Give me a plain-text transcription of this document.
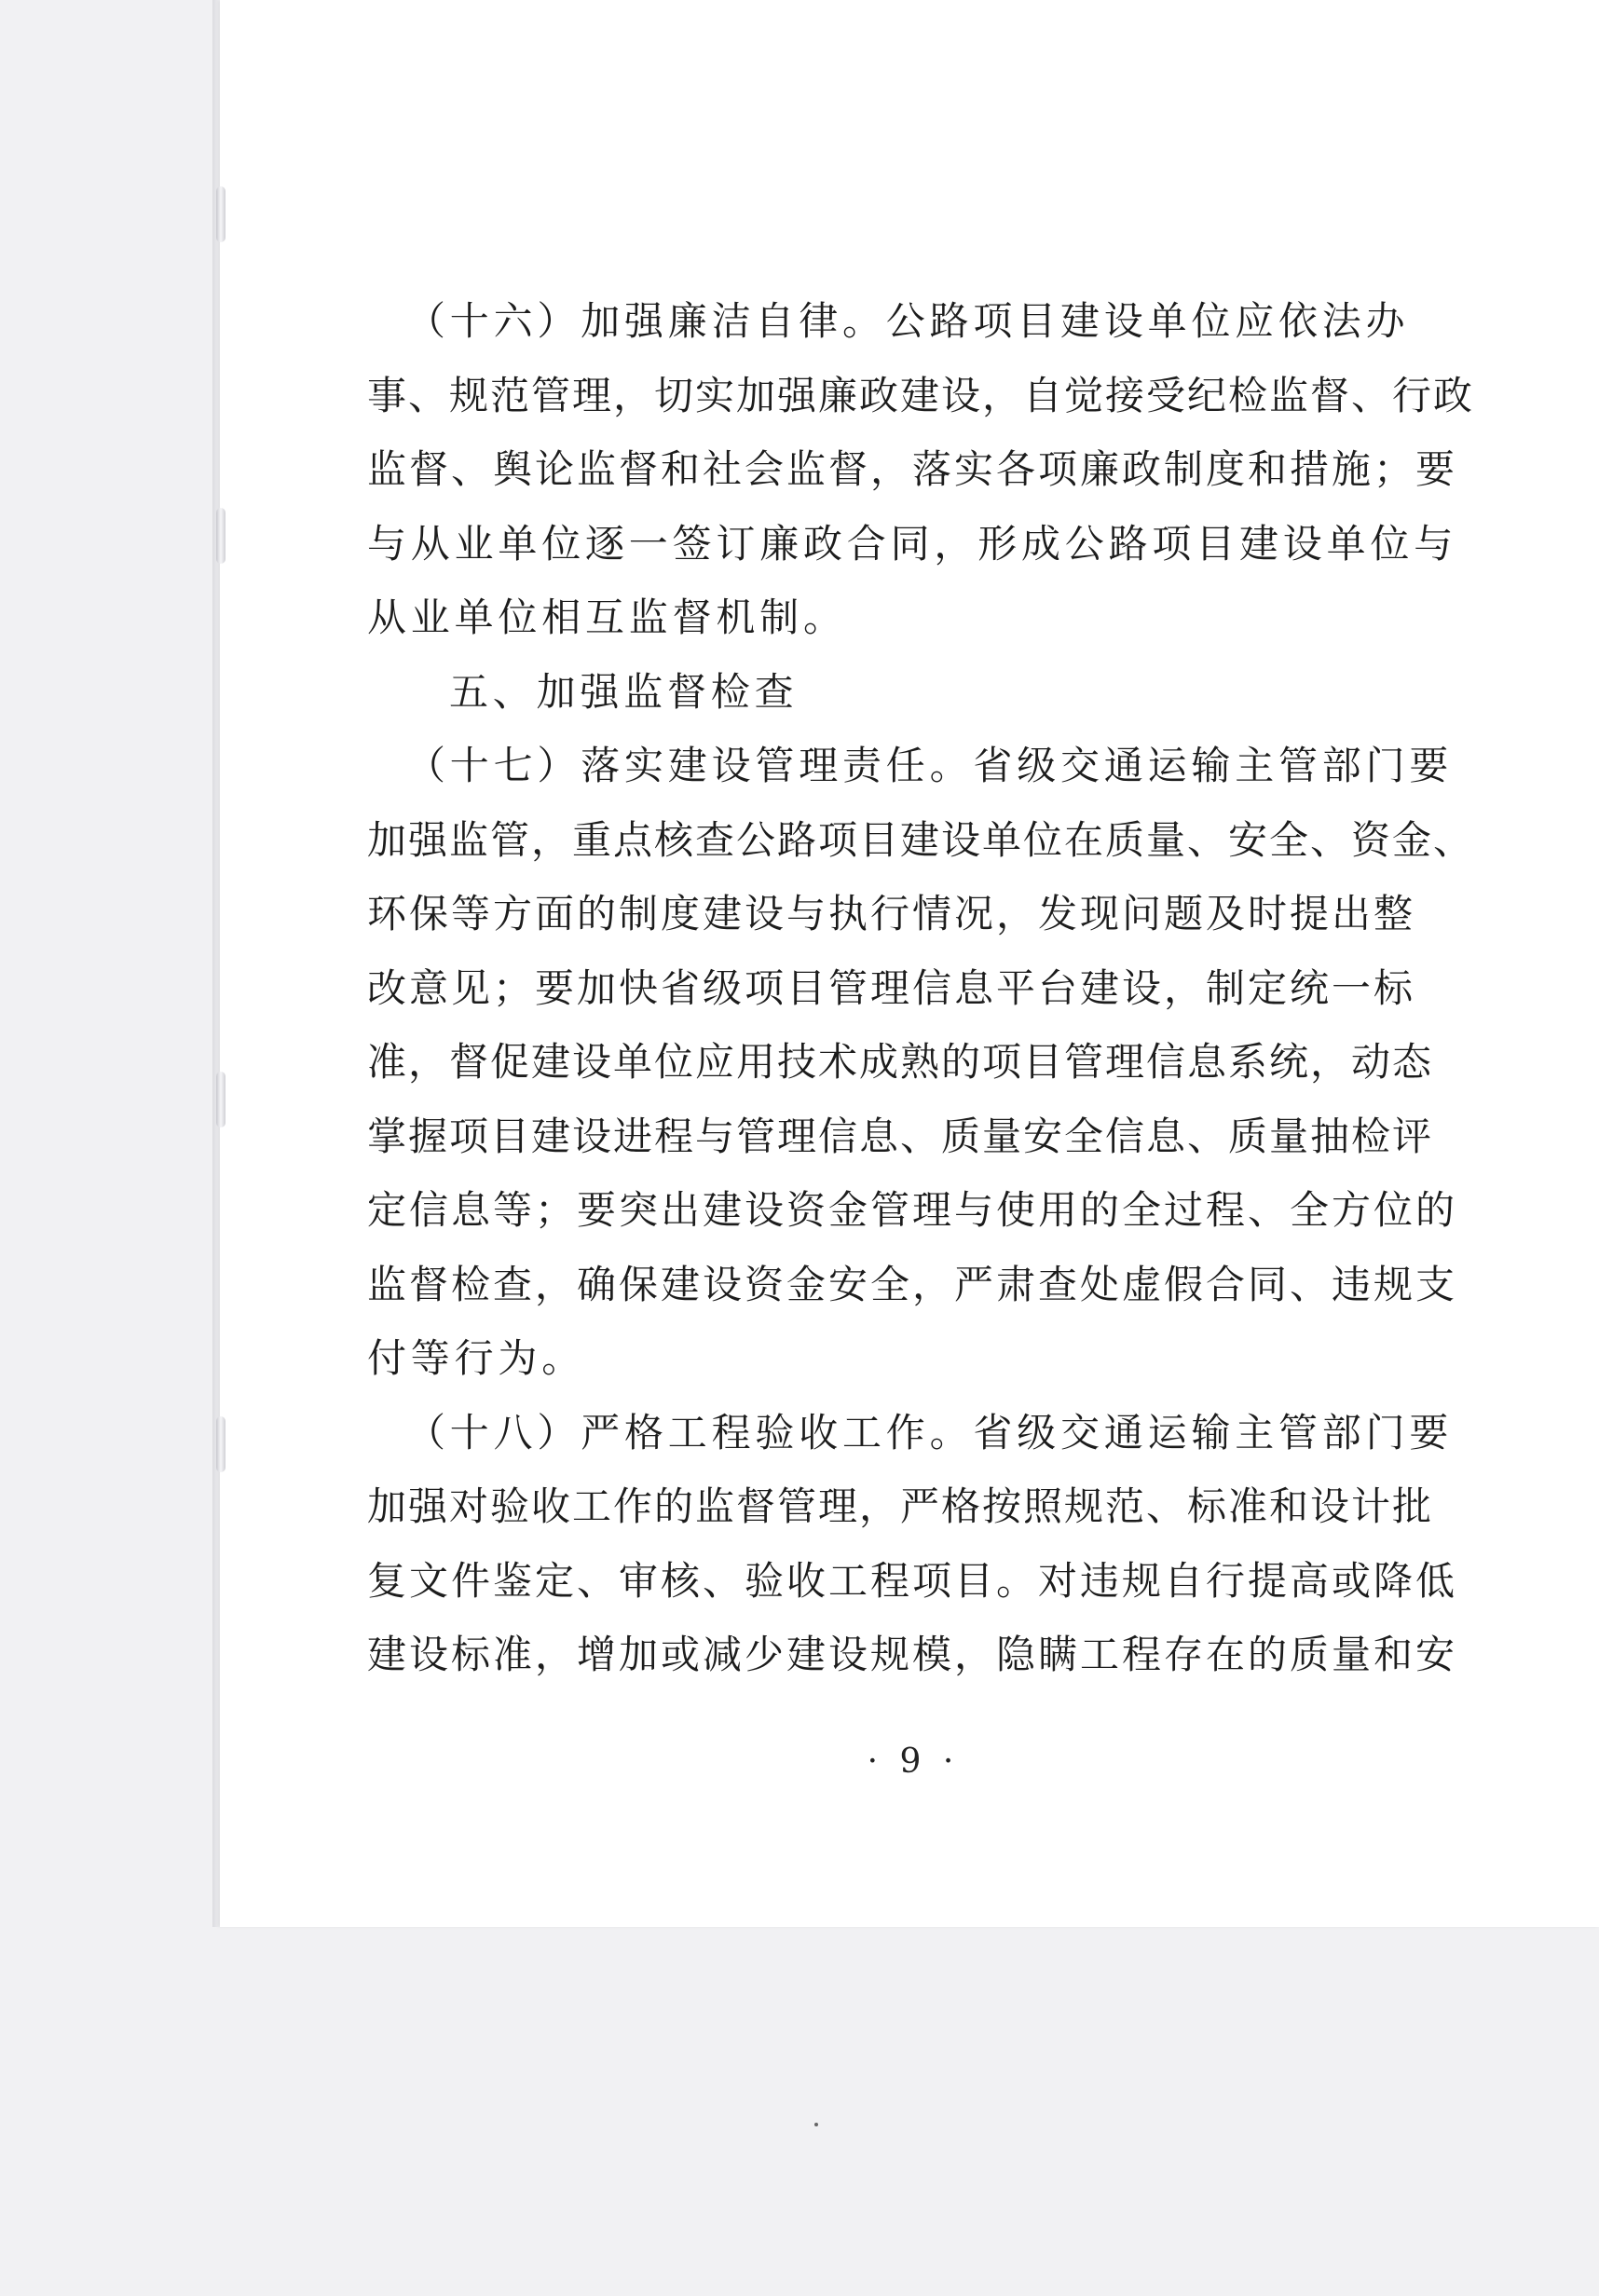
（十六）加强廉洁自律。公路项目建设单位应依法办
事、规范管理，切实加强廉政建设，自觉接受纪检监督、行政
监督、舆论监督和社会监督，落实各项廉政制度和措施；要
与从业单位逐一签订廉政合同，形成公路项目建设单位与
从业单位相互监督机制。
五、加强监督检查
（十七）落实建设管理责任。省级交通运输主管部门要
加强监管，重点核查公路项目建设单位在质量、安全、资金、
环保等方面的制度建设与执行情况，发现问题及时提出整
改意见；要加快省级项目管理信息平台建设，制定统一标
准，督促建设单位应用技术成熟的项目管理信息系统，动态
掌握项目建设进程与管理信息、质量安全信息、质量抽检评
定信息等；要突出建设资金管理与使用的全过程、全方位的
监督检查，确保建设资金安全，严肃查处虚假合同、违规支
付等行为。
（十八）严格工程验收工作。省级交通运输主管部门要
加强对验收工作的监督管理，严格按照规范、标准和设计批
复文件鉴定、审核、验收工程项目。对违规自行提高或降低
建设标准，增加或减少建设规模，隐瞒工程存在的质量和安
· 9 ·
